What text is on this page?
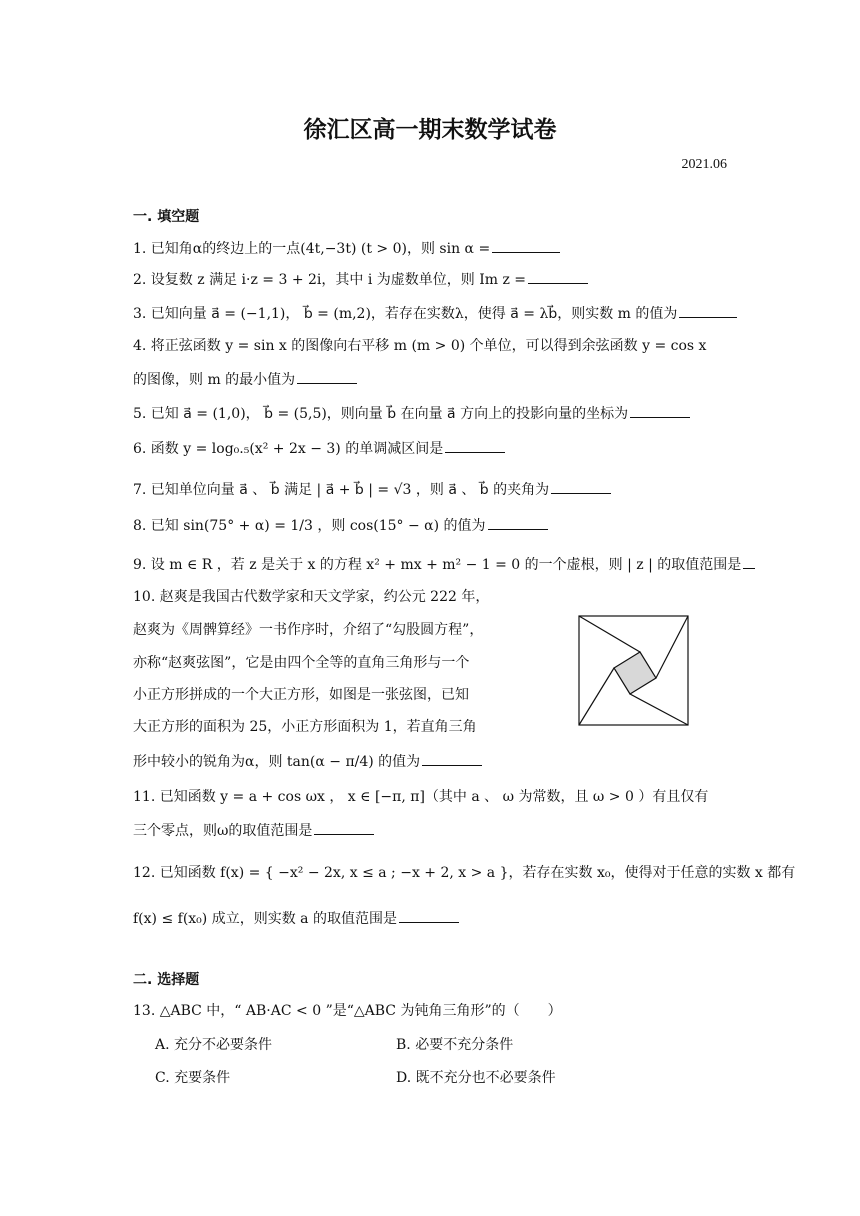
徐汇区高一期末数学试卷
2021.06
一. 填空题
1. 已知角α的终边上的一点(4t,−3t) (t > 0)，则 sin α =
2. 设复数 z 满足 i·z = 3 + 2i，其中 i 为虚数单位，则 Im z =
3. 已知向量 a⃗ = (−1,1)， b⃗ = (m,2)，若存在实数λ，使得 a⃗ = λb⃗，则实数 m 的值为
4. 将正弦函数 y = sin x 的图像向右平移 m (m > 0) 个单位，可以得到余弦函数 y = cos x
的图像，则 m 的最小值为
5. 已知 a⃗ = (1,0)， b⃗ = (5,5)，则向量 b⃗ 在向量 a⃗ 方向上的投影向量的坐标为
6. 函数 y = log₀.₅(x² + 2x − 3) 的单调减区间是
7. 已知单位向量 a⃗ 、 b⃗ 满足 | a⃗ + b⃗ | = √3 ，则 a⃗ 、 b⃗ 的夹角为
8. 已知 sin(75° + α) = 1/3 ，则 cos(15° − α) 的值为
9. 设 m ∈ R ，若 z 是关于 x 的方程 x² + mx + m² − 1 = 0 的一个虚根，则 | z | 的取值范围是
10. 赵爽是我国古代数学家和天文学家，约公元 222 年，
赵爽为《周髀算经》一书作序时，介绍了“勾股圆方程”，
亦称“赵爽弦图”，它是由四个全等的直角三角形与一个
小正方形拼成的一个大正方形，如图是一张弦图，已知
大正方形的面积为 25，小正方形面积为 1，若直角三角
形中较小的锐角为α，则 tan(α − π/4) 的值为
11. 已知函数 y = a + cos ωx ， x ∈ [−π, π]（其中 a 、 ω 为常数，且 ω > 0 ）有且仅有
三个零点，则ω的取值范围是
12. 已知函数 f(x) = { −x² − 2x, x ≤ a ; −x + 2, x > a }，若存在实数 x₀，使得对于任意的实数 x 都有
f(x) ≤ f(x₀) 成立，则实数 a 的取值范围是
二. 选择题
13. △ABC 中，“ AB·AC < 0 ”是“△ABC 为钝角三角形”的（　　）
A. 充分不必要条件	B. 必要不充分条件
C. 充要条件	D. 既不充分也不必要条件
